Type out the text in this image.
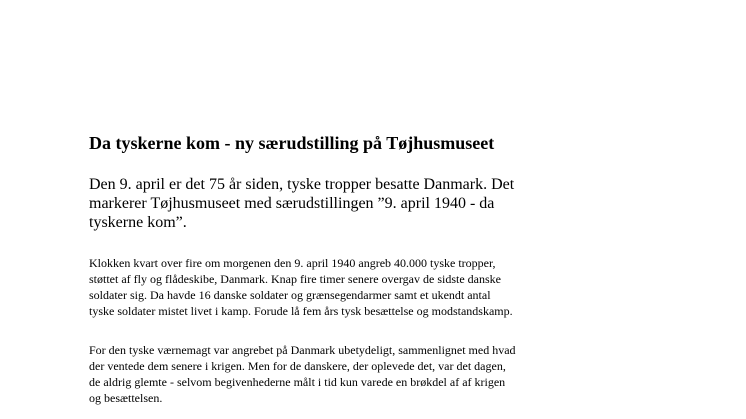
Da tyskerne kom - ny særudstilling på Tøjhusmuseet

Den 9. april er det 75 år siden, tyske tropper besatte Danmark. Det
markerer Tøjhusmuseet med særudstillingen ”9. april 1940 - da
tyskerne kom”.

Klokken kvart over fire om morgenen den 9. april 1940 angreb 40.000 tyske tropper,
støttet af fly og flådeskibe, Danmark. Knap fire timer senere overgav de sidste danske
soldater sig. Da havde 16 danske soldater og grænsegendarmer samt et ukendt antal
tyske soldater mistet livet i kamp. Forude lå fem års tysk besættelse og modstandskamp.

For den tyske værnemagt var angrebet på Danmark ubetydeligt, sammenlignet med hvad
der ventede dem senere i krigen. Men for de danskere, der oplevede det, var det dagen,
de aldrig glemte - selvom begivenhederne målt i tid kun varede en brøkdel af af krigen
og besættelsen.
